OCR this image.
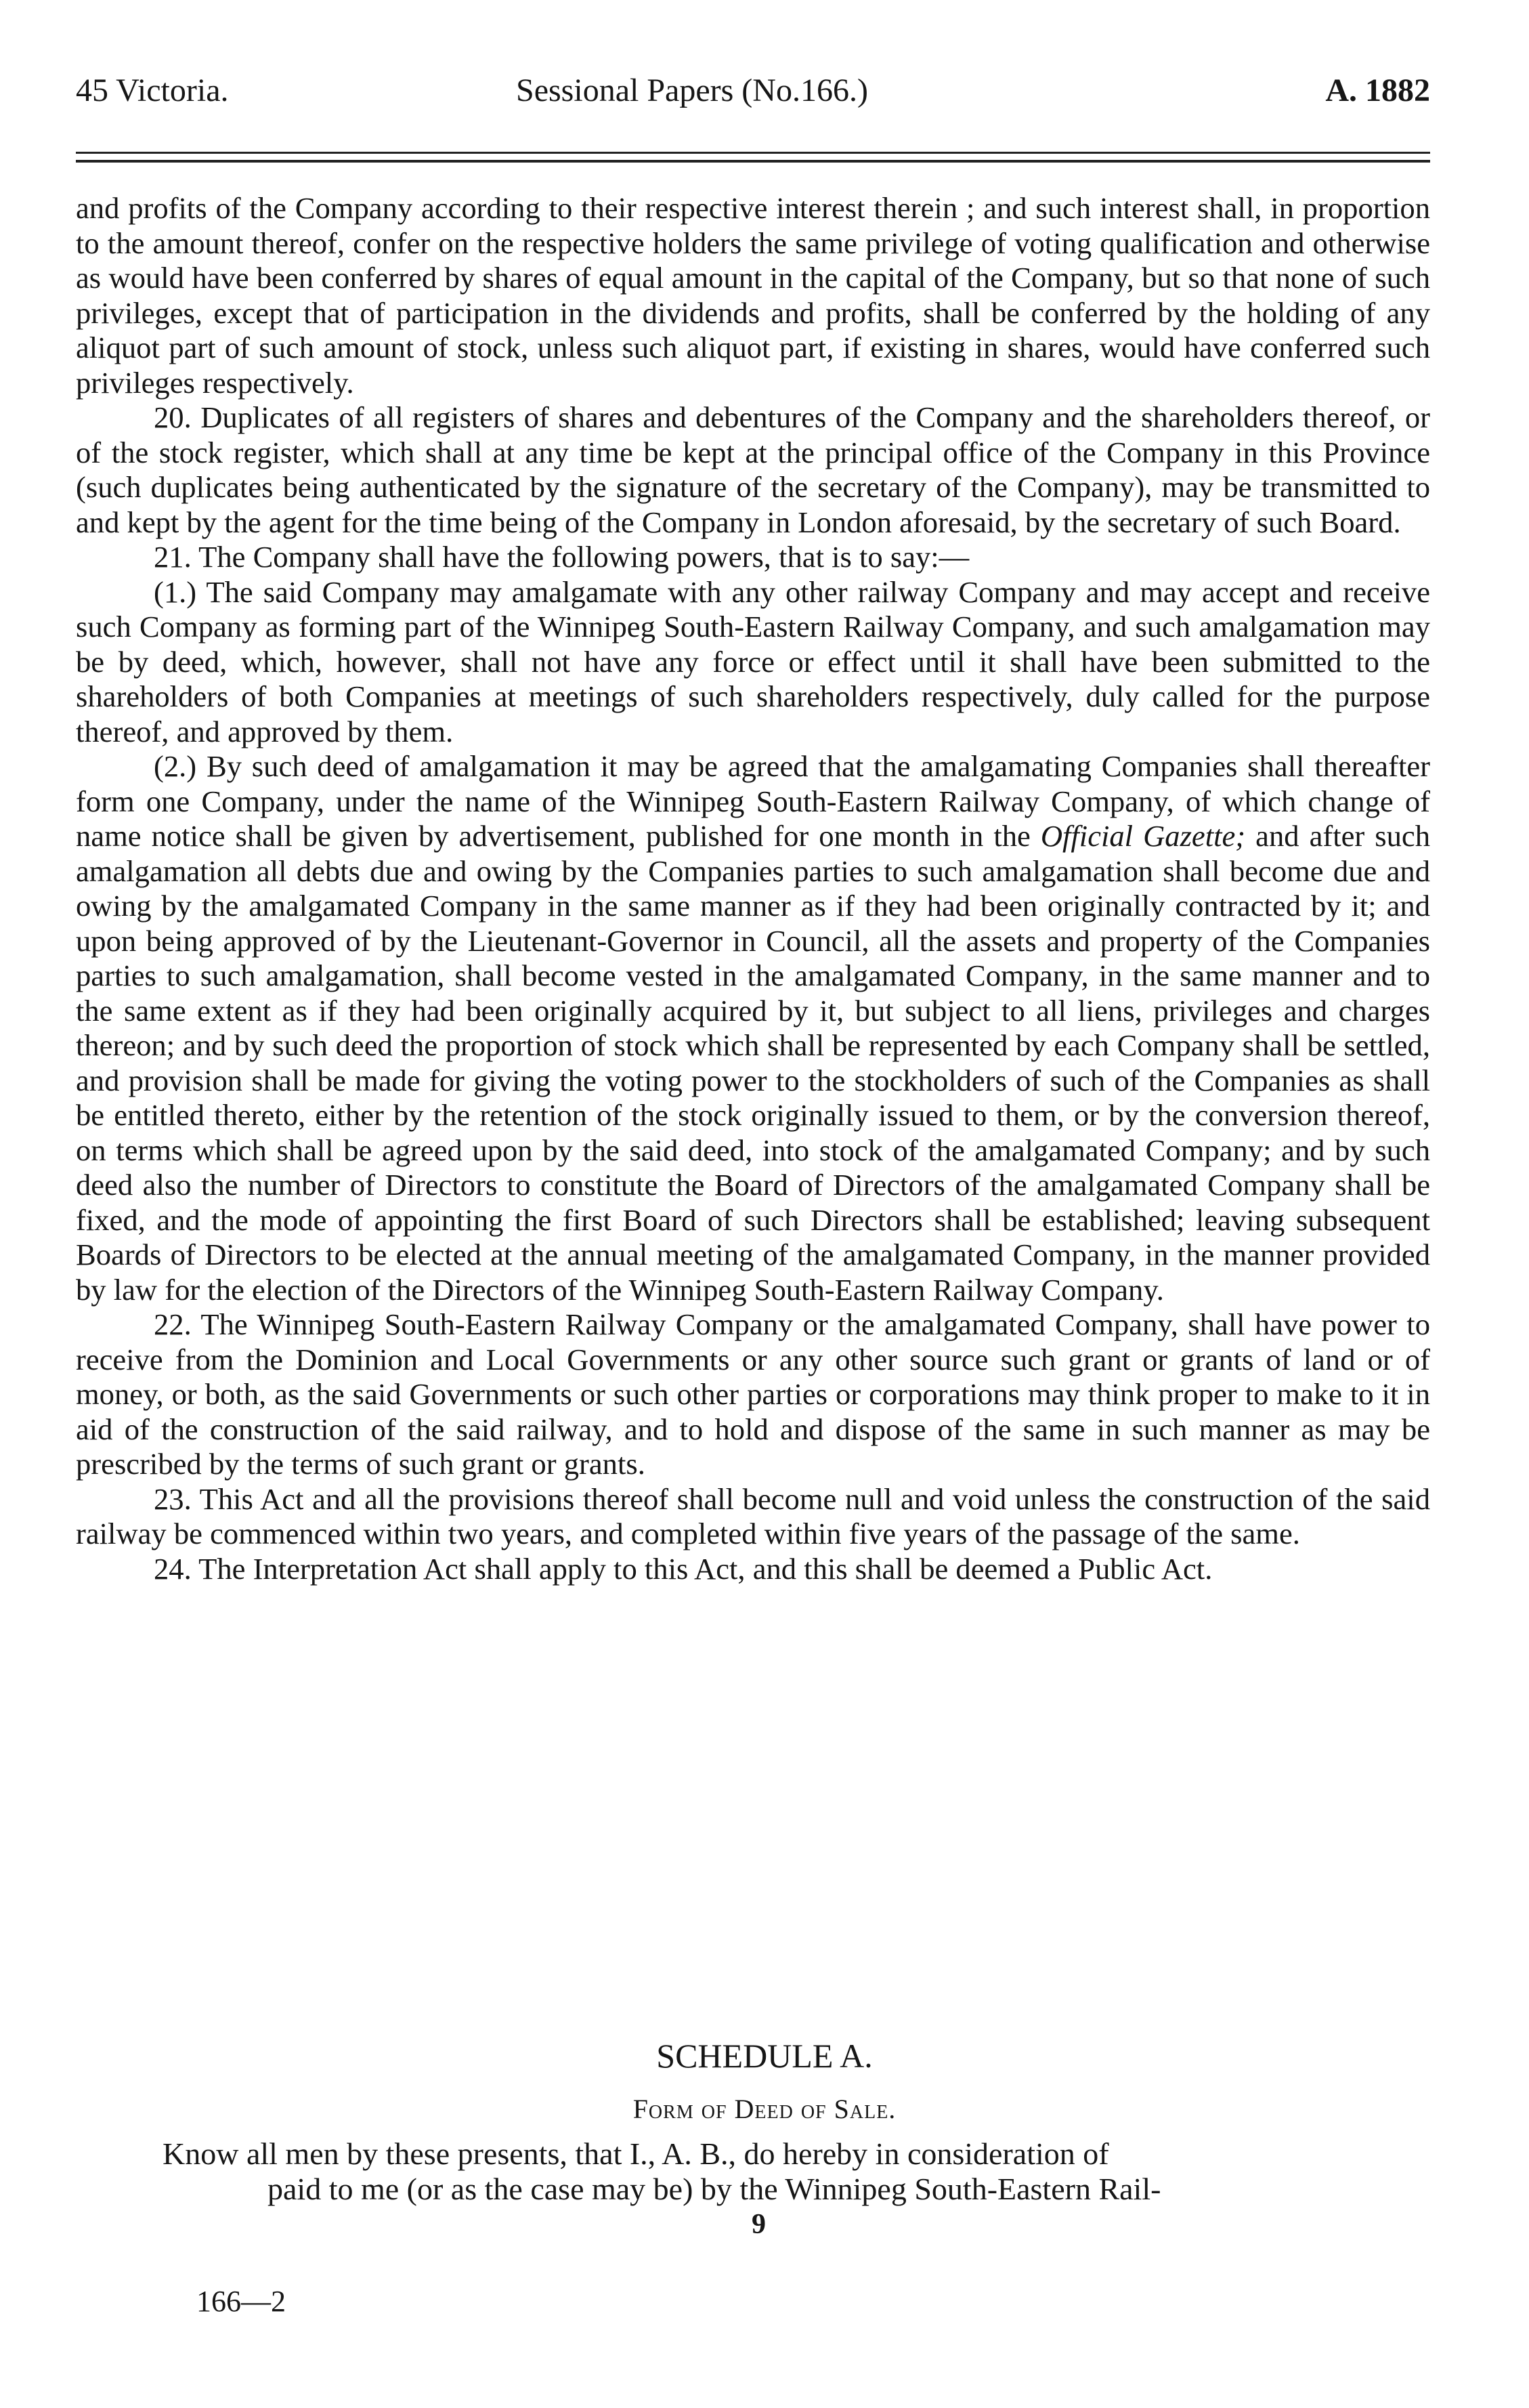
45 Victoria.	Sessional Papers (No.166.)	A. 1882

and profits of the Company according to their respective interest therein ; and such interest shall, in proportion to the amount thereof, confer on the respective holders the same privilege of voting qualification and otherwise as would have been conferred by shares of equal amount in the capital of the Company, but so that none of such privileges, except that of participation in the dividends and profits, shall be conferred by the holding of any aliquot part of such amount of stock, unless such aliquot part, if existing in shares, would have conferred such privileges respectively.

20. Duplicates of all registers of shares and debentures of the Company and the shareholders thereof, or of the stock register, which shall at any time be kept at the principal office of the Company in this Province (such duplicates being authenticated by the signature of the secretary of the Company), may be transmitted to and kept by the agent for the time being of the Company in London aforesaid, by the secretary of such Board.

21. The Company shall have the following powers, that is to say:—

(1.) The said Company may amalgamate with any other railway Company and may accept and receive such Company as forming part of the Winnipeg South-Eastern Railway Company, and such amalgamation may be by deed, which, however, shall not have any force or effect until it shall have been submitted to the shareholders of both Companies at meetings of such shareholders respectively, duly called for the purpose thereof, and approved by them.

(2.) By such deed of amalgamation it may be agreed that the amalgamating Companies shall thereafter form one Company, under the name of the Winnipeg South-Eastern Railway Company, of which change of name notice shall be given by advertisement, published for one month in the Official Gazette; and after such amalgamation all debts due and owing by the Companies parties to such amalgamation shall become due and owing by the amalgamated Company in the same manner as if they had been originally contracted by it; and upon being approved of by the Lieutenant-Governor in Council, all the assets and property of the Companies parties to such amalgamation, shall become vested in the amalgamated Company, in the same manner and to the same extent as if they had been originally acquired by it, but subject to all liens, privileges and charges thereon; and by such deed the proportion of stock which shall be represented by each Company shall be settled, and provision shall be made for giving the voting power to the stockholders of such of the Companies as shall be entitled thereto, either by the retention of the stock originally issued to them, or by the conversion thereof, on terms which shall be agreed upon by the said deed, into stock of the amalgamated Company; and by such deed also the number of Directors to constitute the Board of Directors of the amalgamated Company shall be fixed, and the mode of appointing the first Board of such Directors shall be established; leaving subsequent Boards of Directors to be elected at the annual meeting of the amalgamated Company, in the manner provided by law for the election of the Directors of the Winnipeg South-Eastern Railway Company.

22. The Winnipeg South-Eastern Railway Company or the amalgamated Company, shall have power to receive from the Dominion and Local Governments or any other source such grant or grants of land or of money, or both, as the said Governments or such other parties or corporations may think proper to make to it in aid of the construction of the said railway, and to hold and dispose of the same in such manner as may be prescribed by the terms of such grant or grants.

23. This Act and all the provisions thereof shall become null and void unless the construction of the said railway be commenced within two years, and completed within five years of the passage of the same.

24. The Interpretation Act shall apply to this Act, and this shall be deemed a Public Act.

SCHEDULE A.
Form of Deed of Sale.
Know all men by these presents, that I., A. B., do hereby in consideration of
paid to me (or as the case may be) by the Winnipeg South-Eastern Rail-
9
166—2
